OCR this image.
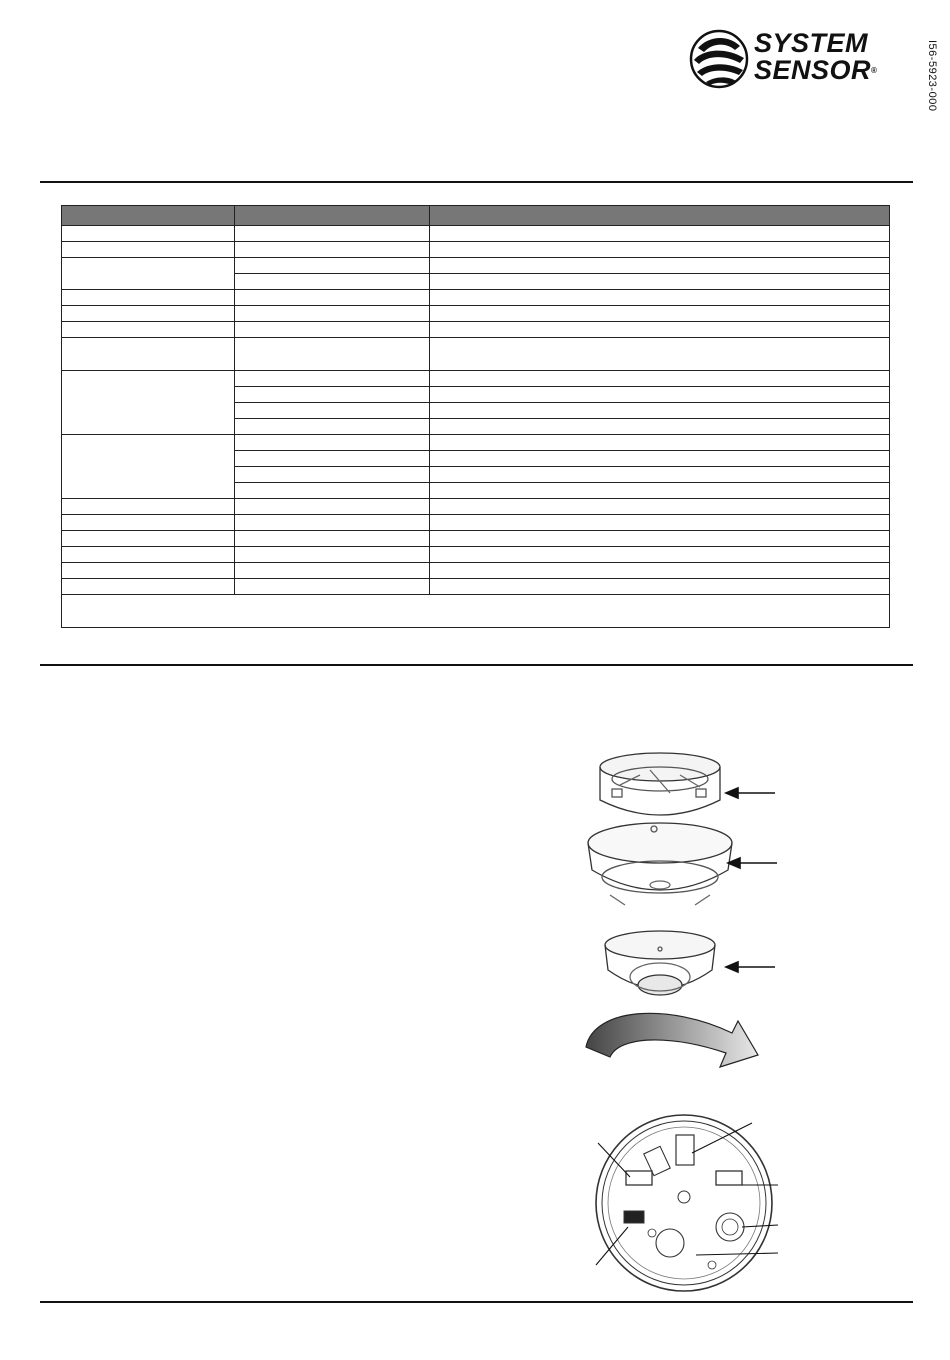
SYSTEM
SENSOR®	I56-5923-000
